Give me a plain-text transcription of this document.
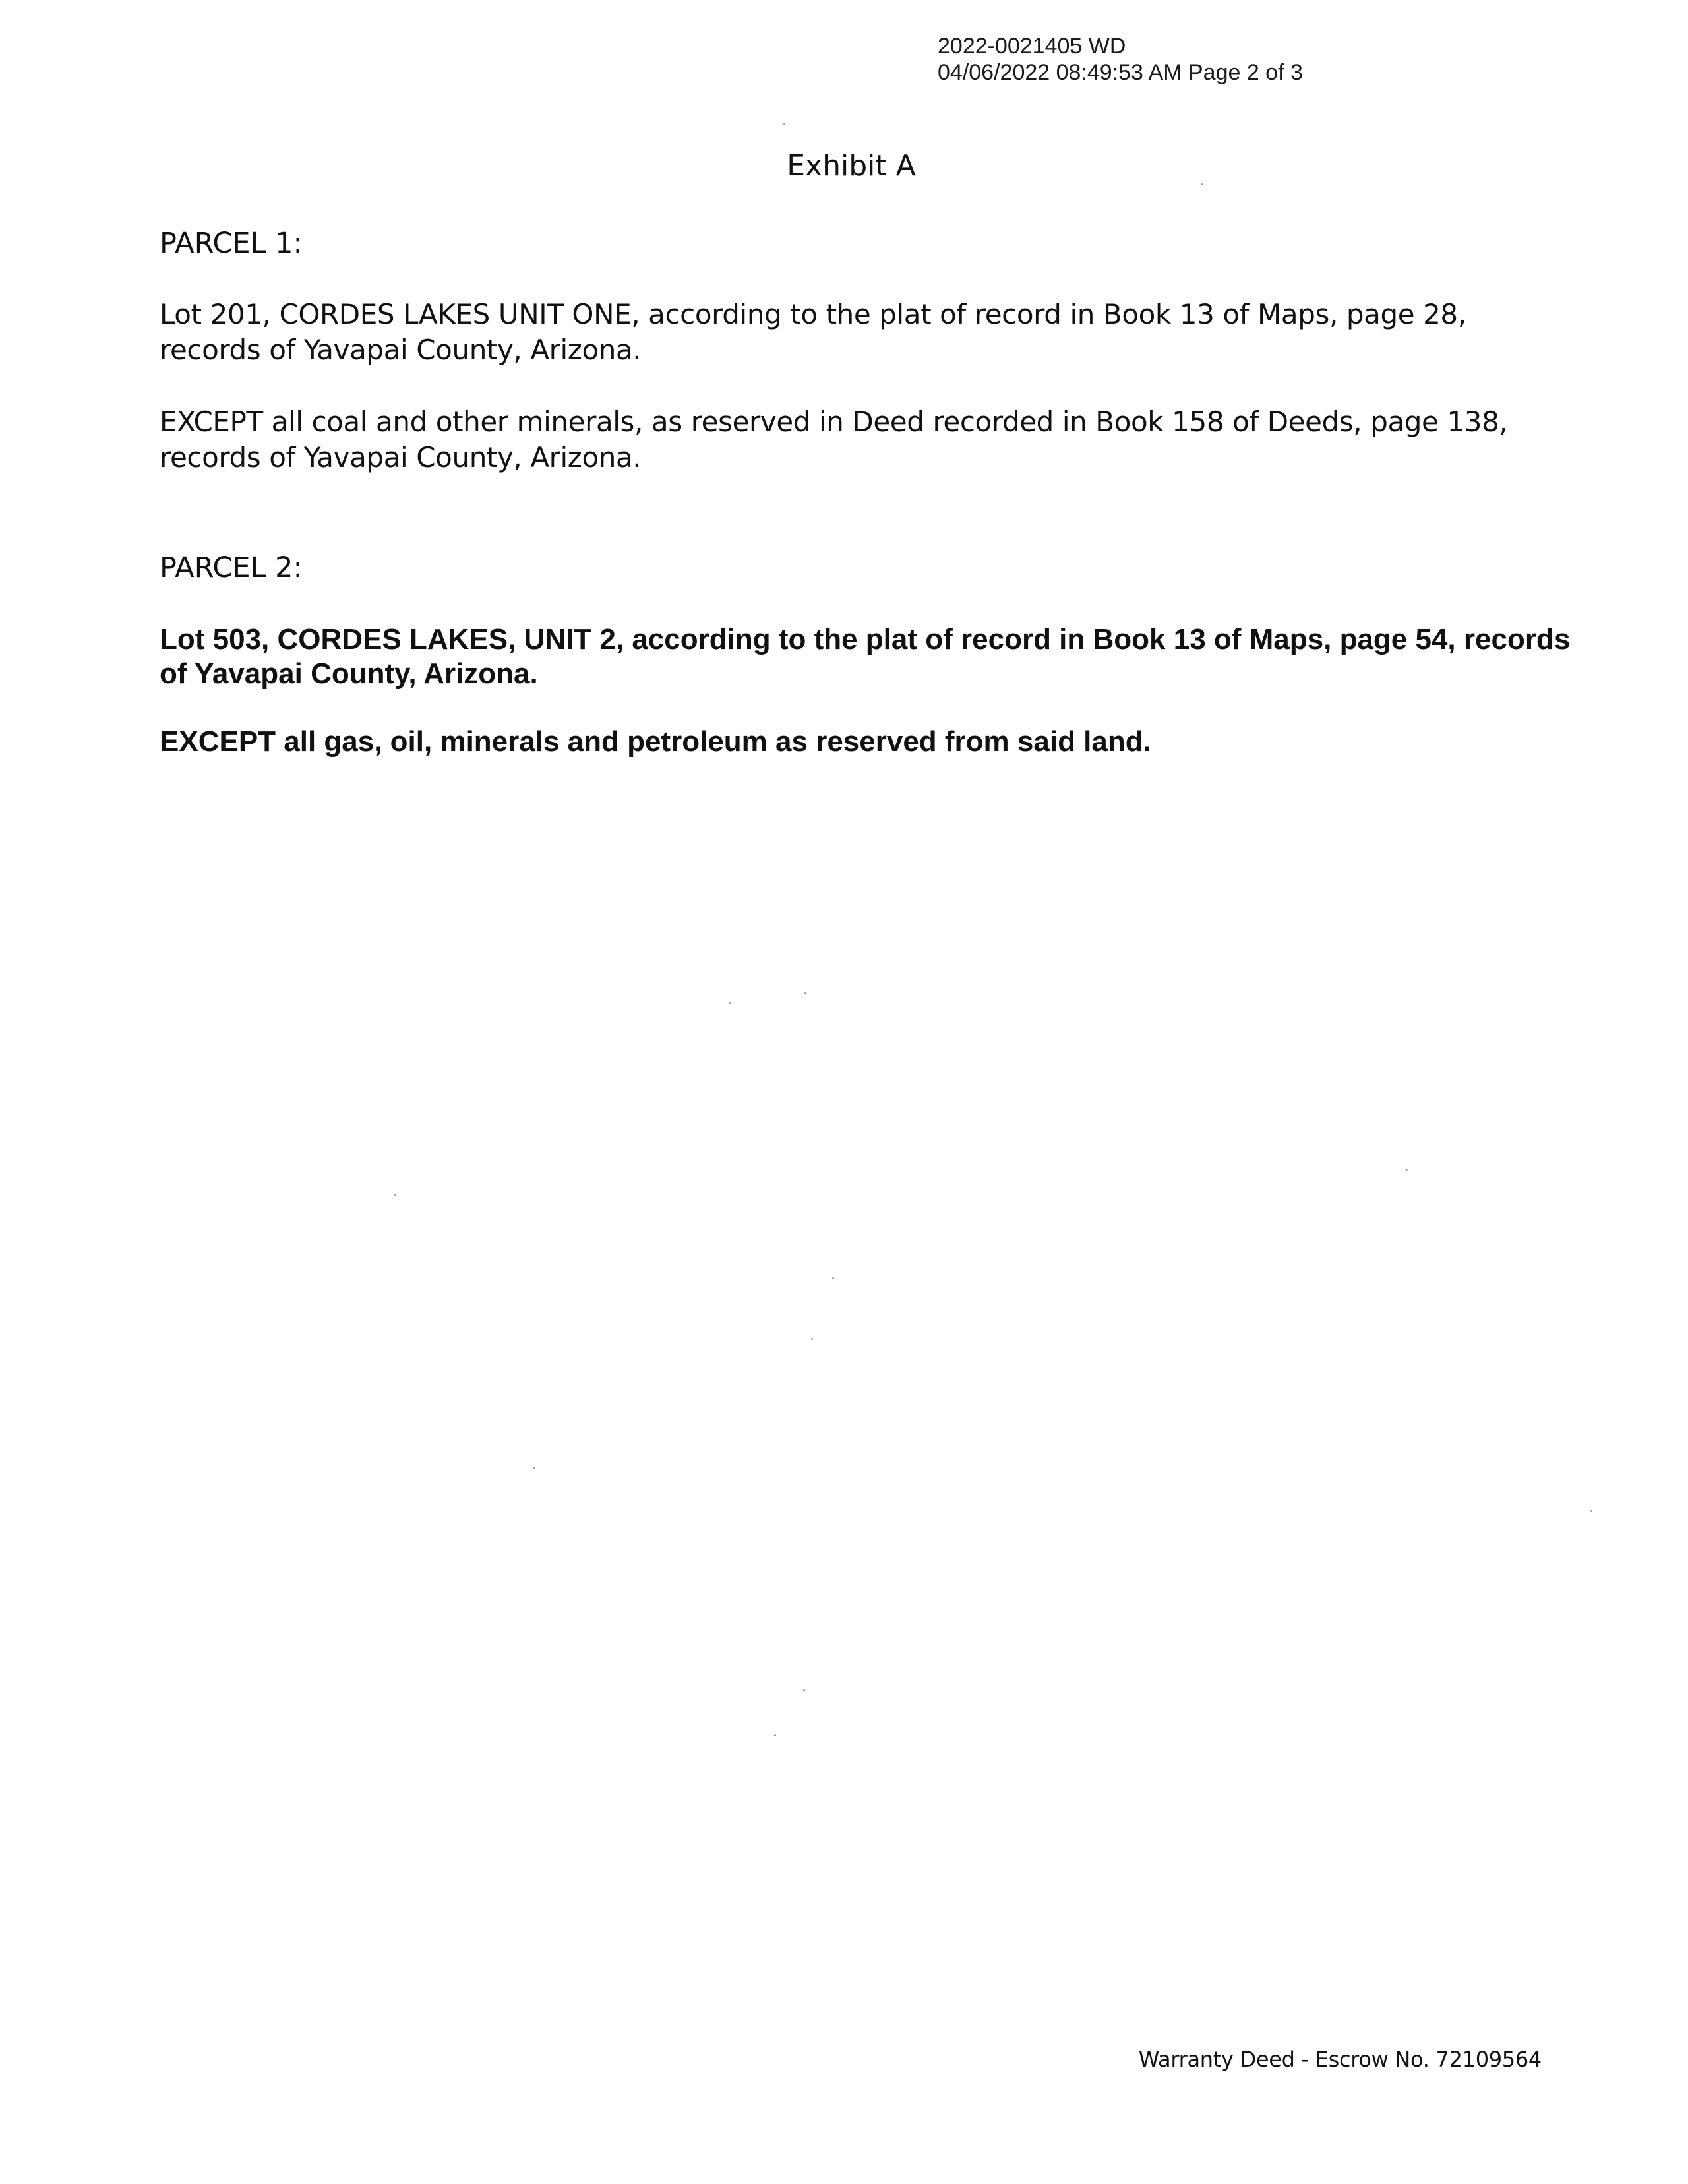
2022-0021405 WD
04/06/2022 08:49:53 AM Page 2 of 3
Exhibit A
PARCEL 1:

Lot 201, CORDES LAKES UNIT ONE, according to the plat of record in Book 13 of Maps, page 28, records of Yavapai County, Arizona.

EXCEPT all coal and other minerals, as reserved in Deed recorded in Book 158 of Deeds, page 138, records of Yavapai County, Arizona.

PARCEL 2:

Lot 503, CORDES LAKES, UNIT 2, according to the plat of record in Book 13 of Maps, page 54, records of Yavapai County, Arizona.

EXCEPT all gas, oil, minerals and petroleum as reserved from said land.

Warranty Deed - Escrow No. 72109564
